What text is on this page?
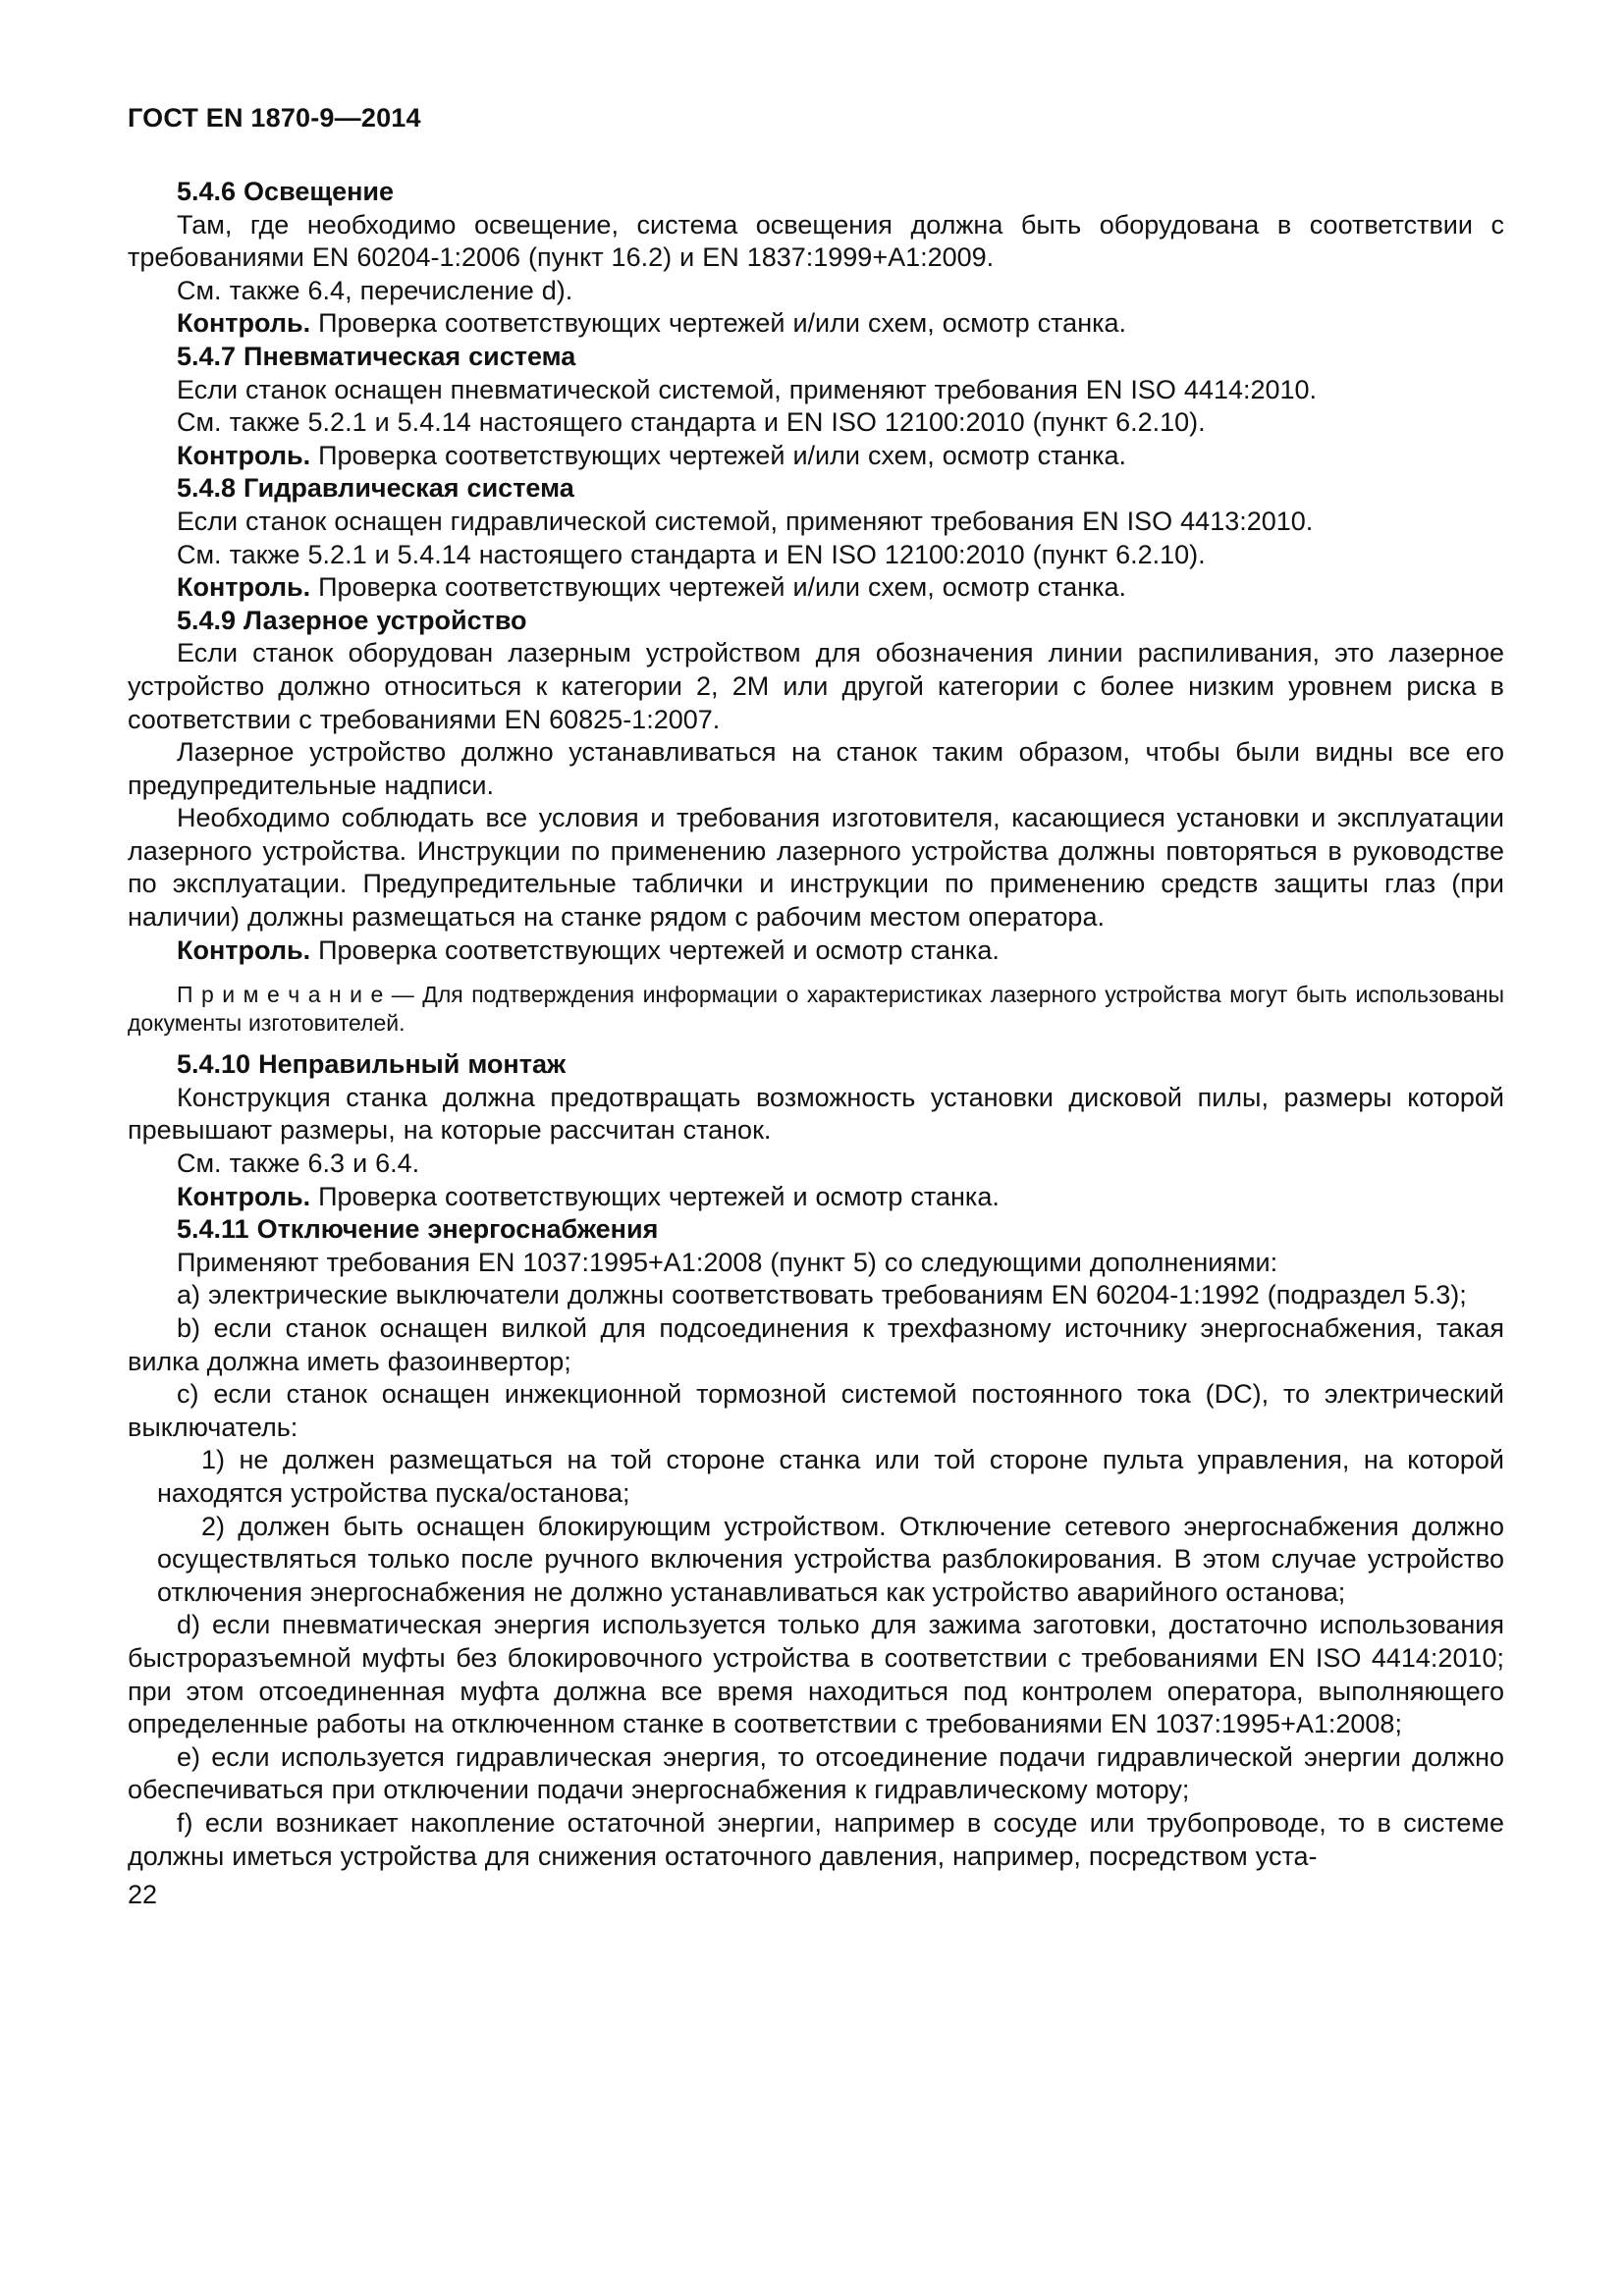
ГОСТ EN 1870-9—2014

5.4.6 Освещение

Там, где необходимо освещение, система освещения должна быть оборудована в соответствии с требованиями EN 60204-1:2006 (пункт 16.2) и EN 1837:1999+A1:2009.

См. также 6.4, перечисление d).

Контроль. Проверка соответствующих чертежей и/или схем, осмотр станка.

5.4.7 Пневматическая система

Если станок оснащен пневматической системой, применяют требования EN ISO 4414:2010.

См. также 5.2.1 и 5.4.14 настоящего стандарта и EN ISO 12100:2010 (пункт 6.2.10).

Контроль. Проверка соответствующих чертежей и/или схем, осмотр станка.

5.4.8 Гидравлическая система

Если станок оснащен гидравлической системой, применяют требования EN ISO 4413:2010.

См. также 5.2.1 и 5.4.14 настоящего стандарта и EN ISO 12100:2010 (пункт 6.2.10).

Контроль. Проверка соответствующих чертежей и/или схем, осмотр станка.

5.4.9 Лазерное устройство

Если станок оборудован лазерным устройством для обозначения линии распиливания, это лазерное устройство должно относиться к категории 2, 2М или другой категории с более низким уровнем риска в соответствии с требованиями EN 60825-1:2007.

Лазерное устройство должно устанавливаться на станок таким образом, чтобы были видны все его предупредительные надписи.

Необходимо соблюдать все условия и требования изготовителя, касающиеся установки и эксплуатации лазерного устройства. Инструкции по применению лазерного устройства должны повторяться в руководстве по эксплуатации. Предупредительные таблички и инструкции по применению средств защиты глаз (при наличии) должны размещаться на станке рядом с рабочим местом оператора.

Контроль. Проверка соответствующих чертежей и осмотр станка.

П р и м е ч а н и е — Для подтверждения информации о характеристиках лазерного устройства могут быть использованы документы изготовителей.

5.4.10 Неправильный монтаж

Конструкция станка должна предотвращать возможность установки дисковой пилы, размеры которой превышают размеры, на которые рассчитан станок.

См. также 6.3 и 6.4.

Контроль. Проверка соответствующих чертежей и осмотр станка.

5.4.11 Отключение энергоснабжения

Применяют требования EN 1037:1995+A1:2008 (пункт 5) со следующими дополнениями:

a) электрические выключатели должны соответствовать требованиям EN 60204-1:1992 (подраздел 5.3);

b) если станок оснащен вилкой для подсоединения к трехфазному источнику энергоснабжения, такая вилка должна иметь фазоинвертор;

c) если станок оснащен инжекционной тормозной системой постоянного тока (DC), то электрический выключатель:

1) не должен размещаться на той стороне станка или той стороне пульта управления, на которой находятся устройства пуска/останова;

2) должен быть оснащен блокирующим устройством. Отключение сетевого энергоснабжения должно осуществляться только после ручного включения устройства разблокирования. В этом случае устройство отключения энергоснабжения не должно устанавливаться как устройство аварийного останова;

d) если пневматическая энергия используется только для зажима заготовки, достаточно использования быстроразъемной муфты без блокировочного устройства в соответствии с требованиями EN ISO 4414:2010; при этом отсоединенная муфта должна все время находиться под контролем оператора, выполняющего определенные работы на отключенном станке в соответствии с требованиями EN 1037:1995+A1:2008;

e) если используется гидравлическая энергия, то отсоединение подачи гидравлической энергии должно обеспечиваться при отключении подачи энергоснабжения к гидравлическому мотору;

f) если возникает накопление остаточной энергии, например в сосуде или трубопроводе, то в системе должны иметься устройства для снижения остаточного давления, например, посредством уста-

22
